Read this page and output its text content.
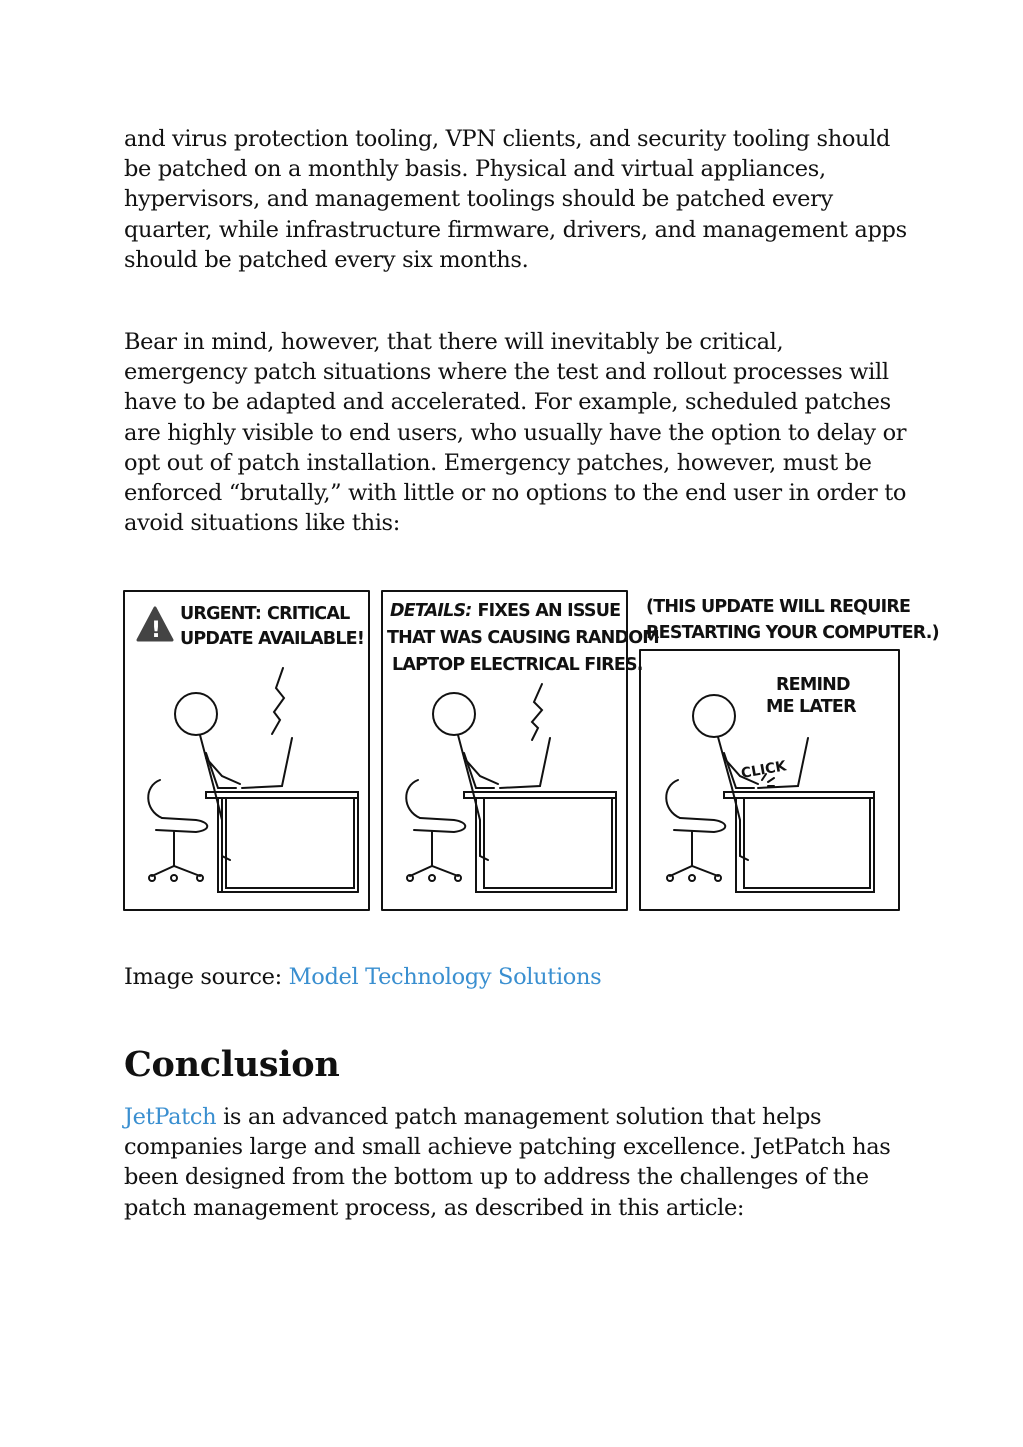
and virus protection tooling, VPN clients, and security tooling should
be patched on a monthly basis. Physical and virtual appliances,
hypervisors, and management toolings should be patched every
quarter, while infrastructure firmware, drivers, and management apps
should be patched every six months.

Bear in mind, however, that there will inevitably be critical,
emergency patch situations where the test and rollout processes will
have to be adapted and accelerated. For example, scheduled patches
are highly visible to end users, who usually have the option to delay or
opt out of patch installation. Emergency patches, however, must be
enforced “brutally,” with little or no options to the end user in order to
avoid situations like this:

!
URGENT: CRITICAL
UPDATE AVAILABLE!
DETAILS: FIXES AN ISSUE
THAT WAS CAUSING RANDOM
LAPTOP ELECTRICAL FIRES.
(THIS UPDATE WILL REQUIRE
RESTARTING YOUR COMPUTER.)
REMIND
ME LATER
CLICK

Image source: Model Technology Solutions

Conclusion

JetPatch is an advanced patch management solution that helps
companies large and small achieve patching excellence. JetPatch has
been designed from the bottom up to address the challenges of the
patch management process, as described in this article:
